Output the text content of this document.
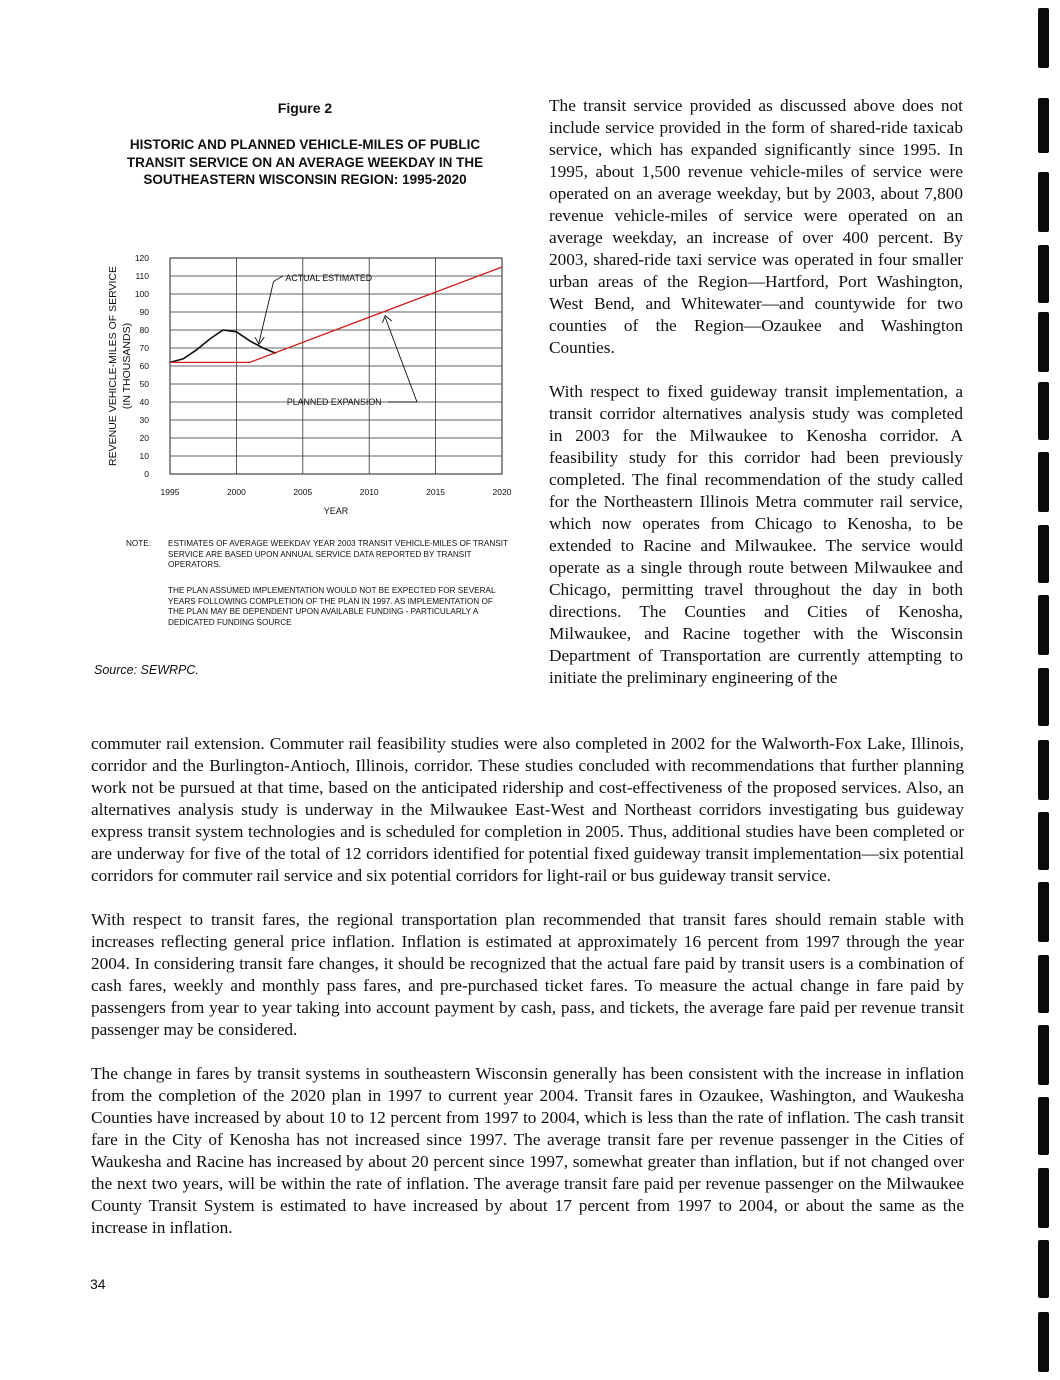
Figure 2
HISTORIC AND PLANNED VEHICLE-MILES OF PUBLIC TRANSIT SERVICE ON AN AVERAGE WEEKDAY IN THE SOUTHEASTERN WISCONSIN REGION: 1995-2020
0
10
20
30
40
50
60
70
80
90
100
110
120
1995	2000	2005	2010	2015	2020
YEAR
REVENUE VEHICLE-MILES OF SERVICE (IN THOUSANDS)
ACTUAL ESTIMATED
PLANNED EXPANSION
NOTE: ESTIMATES OF AVERAGE WEEKDAY YEAR 2003 TRANSIT VEHICLE-MILES OF TRANSIT SERVICE ARE BASED UPON ANNUAL SERVICE DATA REPORTED BY TRANSIT OPERATORS.
THE PLAN ASSUMED IMPLEMENTATION WOULD NOT BE EXPECTED FOR SEVERAL YEARS FOLLOWING COMPLETION OF THE PLAN IN 1997. AS IMPLEMENTATION OF THE PLAN MAY BE DEPENDENT UPON AVAILABLE FUNDING - PARTICULARLY A DEDICATED FUNDING SOURCE
Source: SEWRPC.

The transit service provided as discussed above does not include service provided in the form of shared-ride taxicab service, which has expanded significantly since 1995. In 1995, about 1,500 revenue vehicle-miles of service were operated on an average weekday, but by 2003, about 7,800 revenue vehicle-miles of service were operated on an average weekday, an increase of over 400 percent. By 2003, shared-ride taxi service was operated in four smaller urban areas of the Region—Hartford, Port Washington, West Bend, and Whitewater—and countywide for two counties of the Region—Ozaukee and Washington Counties.

With respect to fixed guideway transit implementation, a transit corridor alternatives analysis study was completed in 2003 for the Milwaukee to Kenosha corridor. A feasibility study for this corridor had been previously completed. The final recommendation of the study called for the Northeastern Illinois Metra commuter rail service, which now operates from Chicago to Kenosha, to be extended to Racine and Milwaukee. The service would operate as a single through route between Milwaukee and Chicago, permitting travel throughout the day in both directions. The Counties and Cities of Kenosha, Milwaukee, and Racine together with the Wisconsin Department of Transportation are currently attempting to initiate the preliminary engineering of the

commuter rail extension. Commuter rail feasibility studies were also completed in 2002 for the Walworth-Fox Lake, Illinois, corridor and the Burlington-Antioch, Illinois, corridor. These studies concluded with recommendations that further planning work not be pursued at that time, based on the anticipated ridership and cost-effectiveness of the proposed services. Also, an alternatives analysis study is underway in the Milwaukee East-West and Northeast corridors investigating bus guideway express transit system technologies and is scheduled for completion in 2005. Thus, additional studies have been completed or are underway for five of the total of 12 corridors identified for potential fixed guideway transit implementation—six potential corridors for commuter rail service and six potential corridors for light-rail or bus guideway transit service.

With respect to transit fares, the regional transportation plan recommended that transit fares should remain stable with increases reflecting general price inflation. Inflation is estimated at approximately 16 percent from 1997 through the year 2004. In considering transit fare changes, it should be recognized that the actual fare paid by transit users is a combination of cash fares, weekly and monthly pass fares, and pre-purchased ticket fares. To measure the actual change in fare paid by passengers from year to year taking into account payment by cash, pass, and tickets, the average fare paid per revenue transit passenger may be considered.

The change in fares by transit systems in southeastern Wisconsin generally has been consistent with the increase in inflation from the completion of the 2020 plan in 1997 to current year 2004. Transit fares in Ozaukee, Washington, and Waukesha Counties have increased by about 10 to 12 percent from 1997 to 2004, which is less than the rate of inflation. The cash transit fare in the City of Kenosha has not increased since 1997. The average transit fare per revenue passenger in the Cities of Waukesha and Racine has increased by about 20 percent since 1997, somewhat greater than inflation, but if not changed over the next two years, will be within the rate of inflation. The average transit fare paid per revenue passenger on the Milwaukee County Transit System is estimated to have increased by about 17 percent from 1997 to 2004, or about the same as the increase in inflation.

34
